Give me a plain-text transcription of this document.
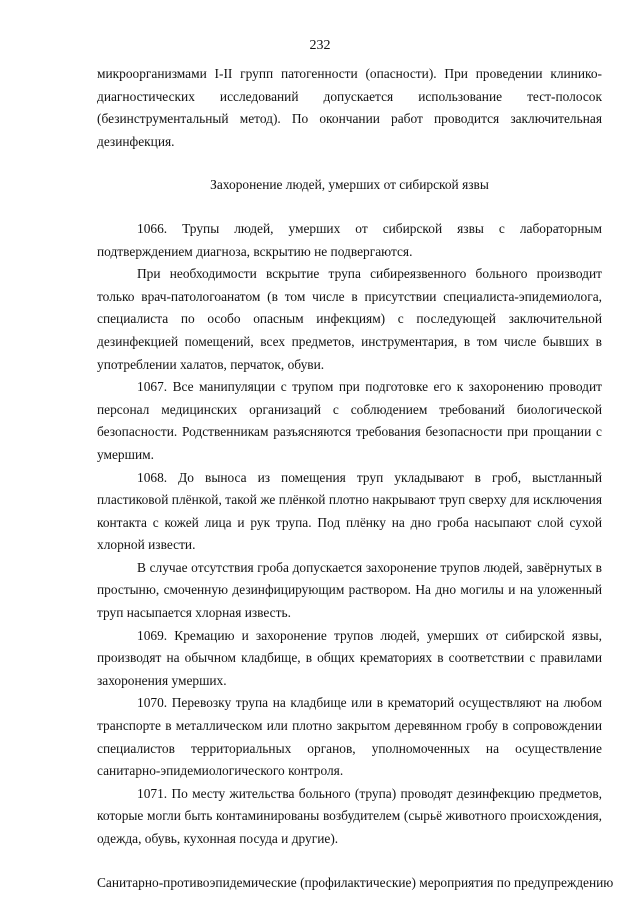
232

микроорганизмами I-II групп патогенности (опасности). При проведении клинико-диагностических исследований допускается использование тест-полосок (безинструментальный метод). По окончании работ проводится заключительная дезинфекция.

Захоронение людей, умерших от сибирской язвы

1066. Трупы людей, умерших от сибирской язвы с лабораторным подтверждением диагноза, вскрытию не подвергаются.

При необходимости вскрытие трупа сибиреязвенного больного производит только врач-патологоанатом (в том числе в присутствии специалиста-эпидемиолога, специалиста по особо опасным инфекциям) с последующей заключительной дезинфекцией помещений, всех предметов, инструментария, в том числе бывших в употреблении халатов, перчаток, обуви.

1067. Все манипуляции с трупом при подготовке его к захоронению проводит персонал медицинских организаций с соблюдением требований биологической безопасности. Родственникам разъясняются требования безопасности при прощании с умершим.

1068. До выноса из помещения труп укладывают в гроб, выстланный пластиковой плёнкой, такой же плёнкой плотно накрывают труп сверху для исключения контакта с кожей лица и рук трупа. Под плёнку на дно гроба насыпают слой сухой хлорной извести.

В случае отсутствия гроба допускается захоронение трупов людей, завёрнутых в простыню, смоченную дезинфицирующим раствором. На дно могилы и на уложенный труп насыпается хлорная известь.

1069. Кремацию и захоронение трупов людей, умерших от сибирской язвы, производят на обычном кладбище, в общих крематориях в соответствии с правилами захоронения умерших.

1070. Перевозку трупа на кладбище или в крематорий осуществляют на любом транспорте в металлическом или плотно закрытом деревянном гробу в сопровождении специалистов территориальных органов, уполномоченных на осуществление санитарно-эпидемиологического контроля.

1071. По месту жительства больного (трупа) проводят дезинфекцию предметов, которые могли быть контаминированы возбудителем (сырьё животного происхождения, одежда, обувь, кухонная посуда и другие).

Санитарно-противоэпидемические (профилактические) мероприятия по предупреждению
